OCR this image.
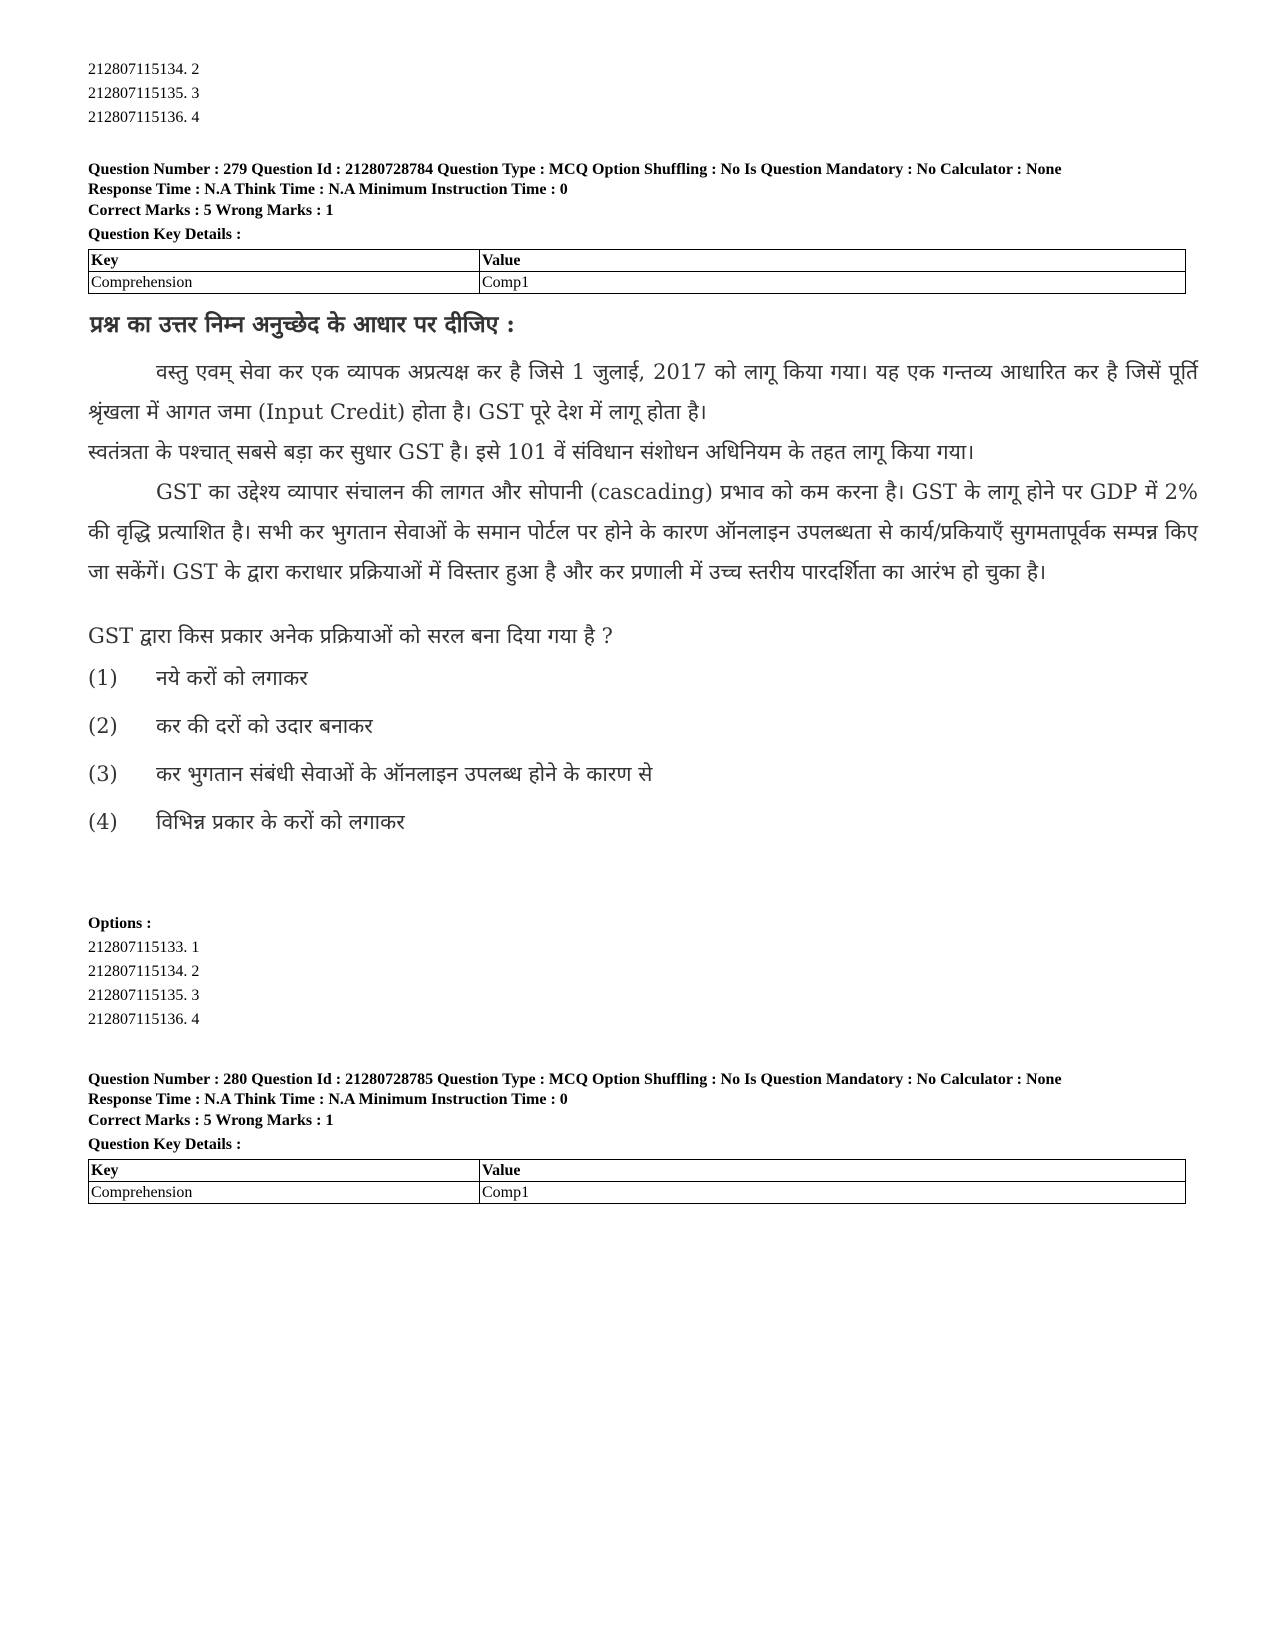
212807115134. 2
212807115135. 3
212807115136. 4
Question Number : 279 Question Id : 21280728784 Question Type : MCQ Option Shuffling : No Is Question Mandatory : No Calculator : None
Response Time : N.A Think Time : N.A Minimum Instruction Time : 0
Correct Marks : 5 Wrong Marks : 1
Question Key Details :
Key	Value
Comprehension	Comp1
प्रश्न का उत्तर निम्न अनुच्छेद के आधार पर दीजिए :

वस्तु एवम् सेवा कर एक व्यापक अप्रत्यक्ष कर है जिसे 1 जुलाई, 2017 को लागू किया गया। यह एक गन्तव्य आधारित कर है जिसें पूर्ति श्रृंखला में आगत जमा (Input Credit) होता है। GST पूरे देश में लागू होता है।

स्वतंत्रता के पश्चात् सबसे बड़ा कर सुधार GST है। इसे 101 वें संविधान संशोधन अधिनियम के तहत लागू किया गया।

GST का उद्देश्य व्यापार संचालन की लागत और सोपानी (cascading) प्रभाव को कम करना है। GST के लागू होने पर GDP में 2% की वृद्धि प्रत्याशित है। सभी कर भुगतान सेवाओं के समान पोर्टल पर होने के कारण ऑनलाइन उपलब्धता से कार्य/प्रकियाएँ सुगमतापूर्वक सम्पन्न किए जा सकेंगें। GST के द्वारा कराधार प्रक्रियाओं में विस्तार हुआ है और कर प्रणाली में उच्च स्तरीय पारदर्शिता का आरंभ हो चुका है।

GST द्वारा किस प्रकार अनेक प्रक्रियाओं को सरल बना दिया गया है ?
(1)	नये करों को लगाकर
(2)	कर की दरों को उदार बनाकर
(3)	कर भुगतान संबंधी सेवाओं के ऑनलाइन उपलब्ध होने के कारण से
(4)	विभिन्न प्रकार के करों को लगाकर
Options :
212807115133. 1
212807115134. 2
212807115135. 3
212807115136. 4
Question Number : 280 Question Id : 21280728785 Question Type : MCQ Option Shuffling : No Is Question Mandatory : No Calculator : None
Response Time : N.A Think Time : N.A Minimum Instruction Time : 0
Correct Marks : 5 Wrong Marks : 1
Question Key Details :
Key	Value
Comprehension	Comp1
